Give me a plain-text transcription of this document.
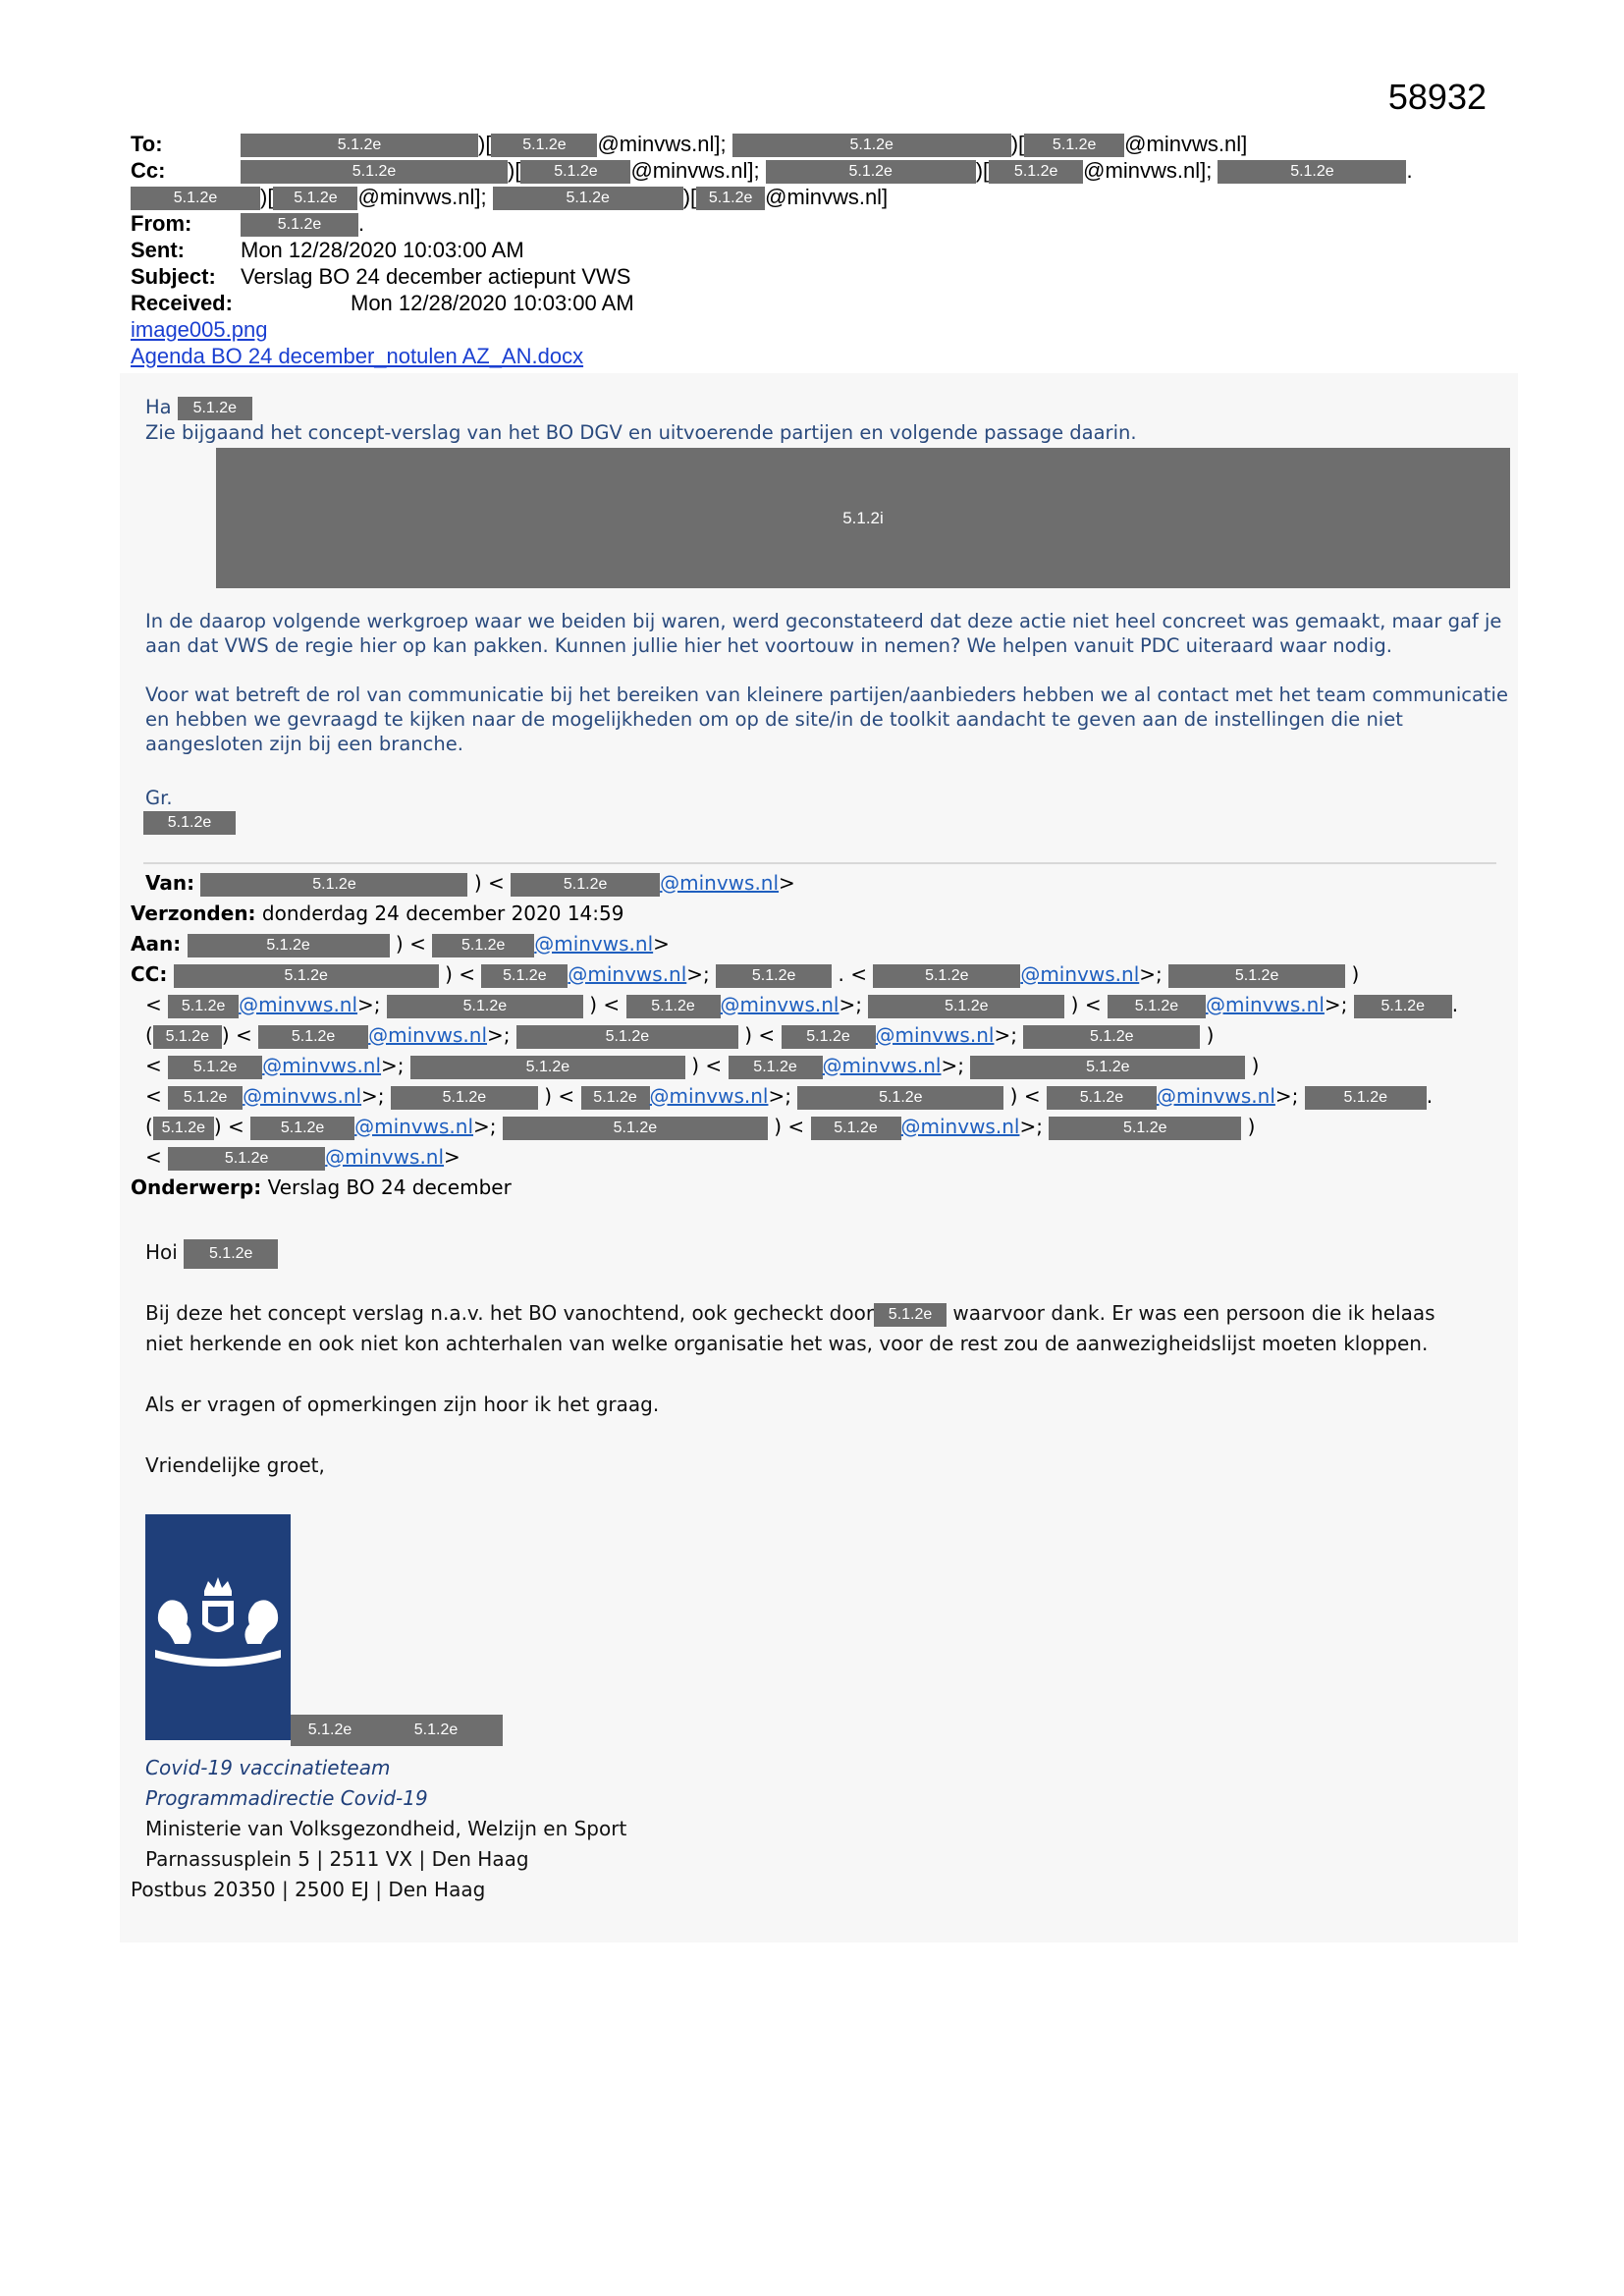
58932
To:	5.1.2e	)[ 5.1.2e @minvws.nl];	5.1.2e	)[ 5.1.2e @minvws.nl]
Cc:	5.1.2e	)[ 5.1.2e @minvws.nl];	5.1.2e	)[ 5.1.2e @minvws.nl];	5.1.2e	.
5.1.2e )[ 5.1.2e @minvws.nl];	5.1.2e	)[ 5.1.2e @minvws.nl]
From:	5.1.2e .
Sent:	Mon 12/28/2020 10:03:00 AM
Subject: Verslag BO 24 december actiepunt VWS
Received:	Mon 12/28/2020 10:03:00 AM
image005.png
Agenda BO 24 december_notulen AZ_AN.docx
Ha 5.1.2e
Zie bijgaand het concept-verslag van het BO DGV en uitvoerende partijen en volgende passage daarin.
5.1.2i
In de daarop volgende werkgroep waar we beiden bij waren, werd geconstateerd dat deze actie niet heel concreet was gemaakt, maar gaf je aan dat VWS de regie hier op kan pakken. Kunnen jullie hier het voortouw in nemen? We helpen vanuit PDC uiteraard waar nodig.
Voor wat betreft de rol van communicatie bij het bereiken van kleinere partijen/aanbieders hebben we al contact met het team communicatie en hebben we gevraagd te kijken naar de mogelijkheden om op de site/in de toolkit aandacht te geven aan de instellingen die niet aangesloten zijn bij een branche.
Gr.
5.1.2e
Van:	5.1.2e	) <	5.1.2e	@minvws.nl>
Verzonden: donderdag 24 december 2020 14:59
Aan:	5.1.2e	) < 5.1.2e @minvws.nl>
CC:	5.1.2e	) < 5.1.2e @minvws.nl>; 5.1.2e . <	5.1.2e	@minvws.nl>;	5.1.2e	)
< 5.1.2e @minvws.nl>;	5.1.2e	) < 5.1.2e @minvws.nl>;	5.1.2e	) < 5.1.2e @minvws.nl>; 5.1.2e .
( 5.1.2e ) < 5.1.2e @minvws.nl>;	5.1.2e	) < 5.1.2e @minvws.nl>;	5.1.2e	)
< 5.1.2e @minvws.nl>;	5.1.2e	) < 5.1.2e @minvws.nl>;	5.1.2e	)
< 5.1.2e @minvws.nl>;	5.1.2e	) < 5.1.2e @minvws.nl>;	5.1.2e	) < 5.1.2e @minvws.nl>; 5.1.2e .
( 5.1.2e ) < 5.1.2e @minvws.nl>;	5.1.2e	) < 5.1.2e @minvws.nl>;	5.1.2e	)
<	5.1.2e	@minvws.nl>
Onderwerp: Verslag BO 24 december
Hoi 5.1.2e
Bij deze het concept verslag n.a.v. het BO vanochtend, ook gecheckt door 5.1.2e waarvoor dank. Er was een persoon die ik helaas
niet herkende en ook niet kon achterhalen van welke organisatie het was, voor de rest zou de aanwezigheidslijst moeten kloppen.
Als er vragen of opmerkingen zijn hoor ik het graag.
Vriendelijke groet,
5.1.2e	5.1.2e
Covid-19 vaccinatieteam
Programmadirectie Covid-19
Ministerie van Volksgezondheid, Welzijn en Sport
Parnassusplein 5 | 2511 VX | Den Haag
Postbus 20350 | 2500 EJ | Den Haag
